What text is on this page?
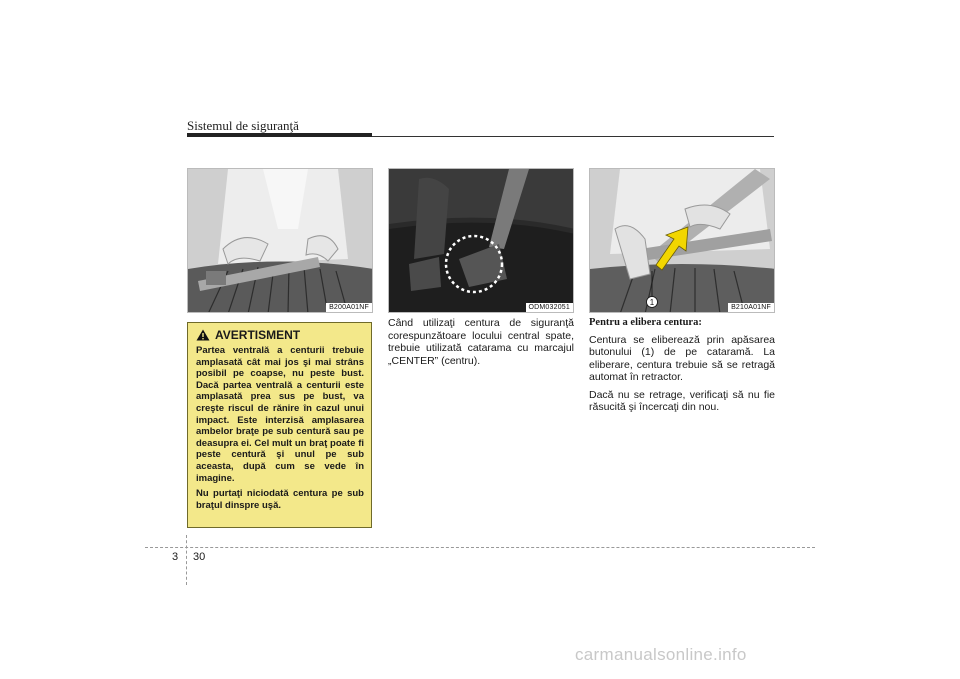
Sistemul de siguranţă
B200A01NF	ODM032051
1
B210A01NF
AVERTISMENT

Partea ventrală a centurii trebuie amplasată cât mai jos şi mai strâns posibil pe coapse, nu peste bust. Dacă partea ventrală a centurii este amplasată prea sus pe bust, va creşte riscul de rănire în cazul unui impact. Este interzisă amplasarea ambelor braţe pe sub centură sau pe deasupra ei. Cel mult un braţ poate fi peste centură şi unul pe sub aceasta, după cum se vede în imagine.

Nu purtaţi niciodată centura pe sub braţul dinspre uşă.

Când utilizaţi centura de siguranţă corespunzătoare locului central spate, trebuie utilizată catarama cu marcajul „CENTER” (centru).

Pentru a elibera centura:

Centura se eliberează prin apăsarea butonului (1) de pe cataramă. La eliberare, centura trebuie să se retragă automat în retractor.

Dacă nu se retrage, verificaţi să nu fie răsucită şi încercaţi din nou.

3 30
carmanualsonline.info
